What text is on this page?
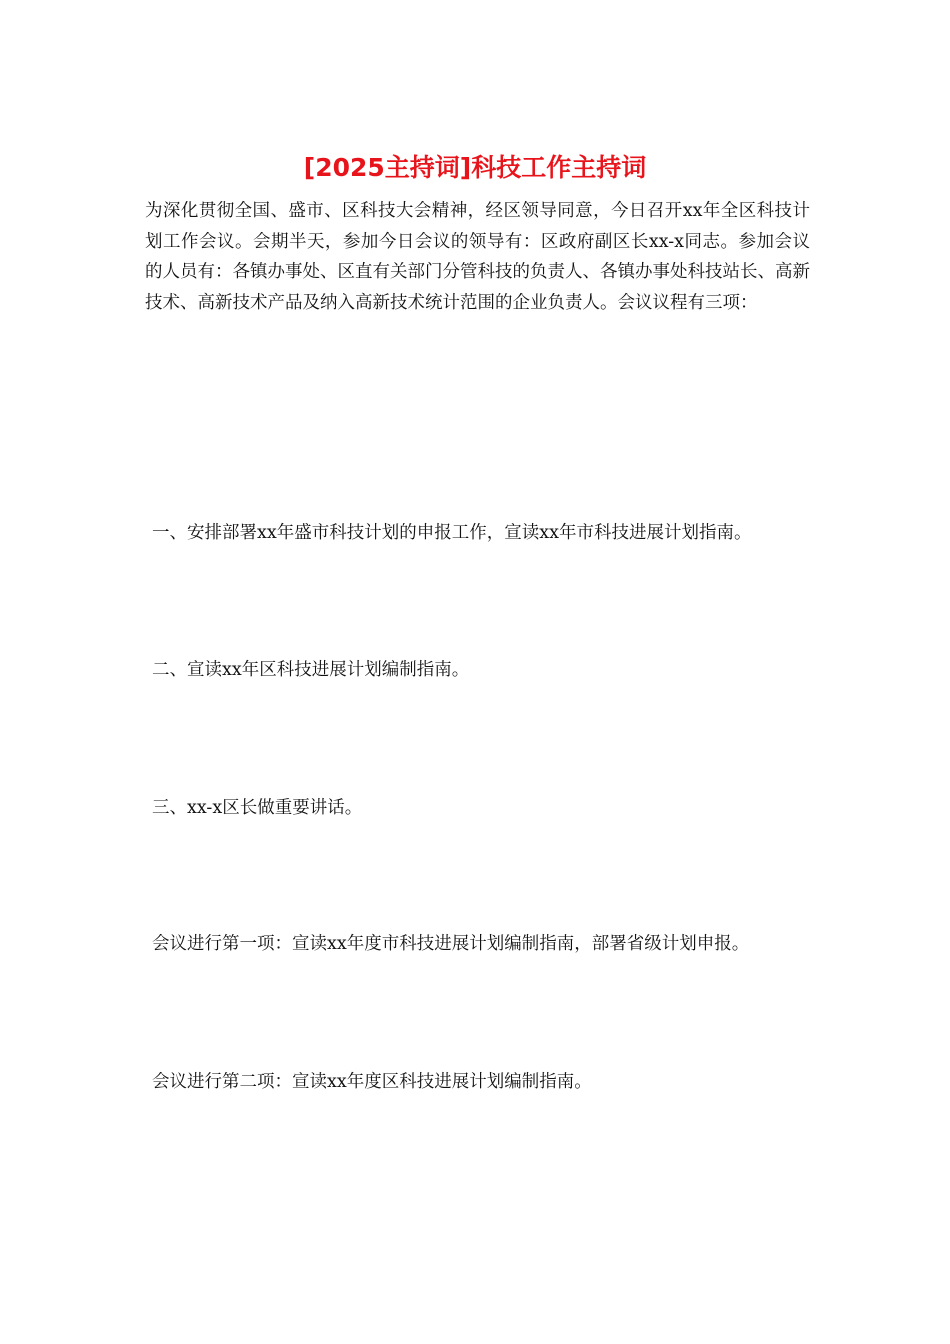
[2025主持词]科技工作主持词

为深化贯彻全国、盛市、区科技大会精神，经区领导同意，今日召开xx年全区科技计划工作会议。会期半天，参加今日会议的领导有：区政府副区长xx-x同志。参加会议的人员有：各镇办事处、区直有关部门分管科技的负责人、各镇办事处科技站长、高新技术、高新技术产品及纳入高新技术统计范围的企业负责人。会议议程有三项：

一、安排部署xx年盛市科技计划的申报工作，宣读xx年市科技进展计划指南。

二、宣读xx年区科技进展计划编制指南。

三、xx-x区长做重要讲话。

会议进行第一项：宣读xx年度市科技进展计划编制指南，部署省级计划申报。

会议进行第二项：宣读xx年度区科技进展计划编制指南。
